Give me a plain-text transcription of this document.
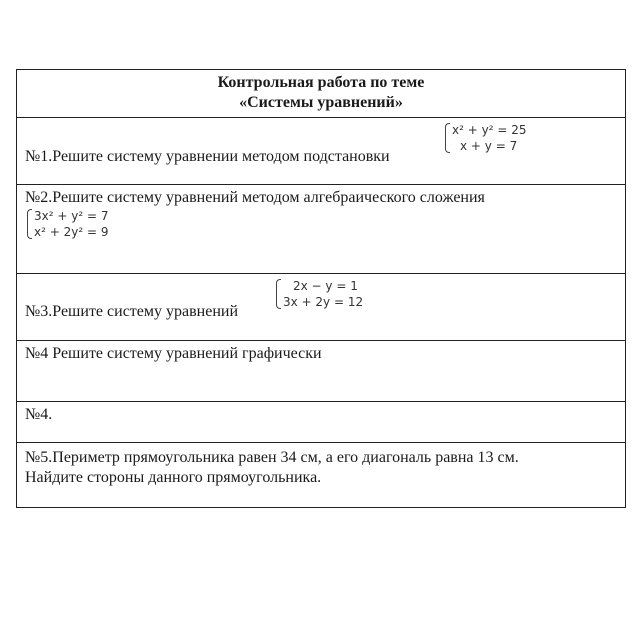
Контрольная работа по теме
«Системы уравнений»

№1.Решите систему уравнении методом подстановки
x² + y² = 25
x + y = 7

№2.Решите систему уравнений методом алгебраического сложения
3x² + y² = 7
x² + 2y² = 9

№3.Решите систему уравнений
2x − y = 1
3x + 2y = 12

№4 Решите систему уравнений графически

№4.

№5.Периметр прямоугольника равен 34 см, а его диагональ равна 13 см.
Найдите стороны данного прямоугольника.
